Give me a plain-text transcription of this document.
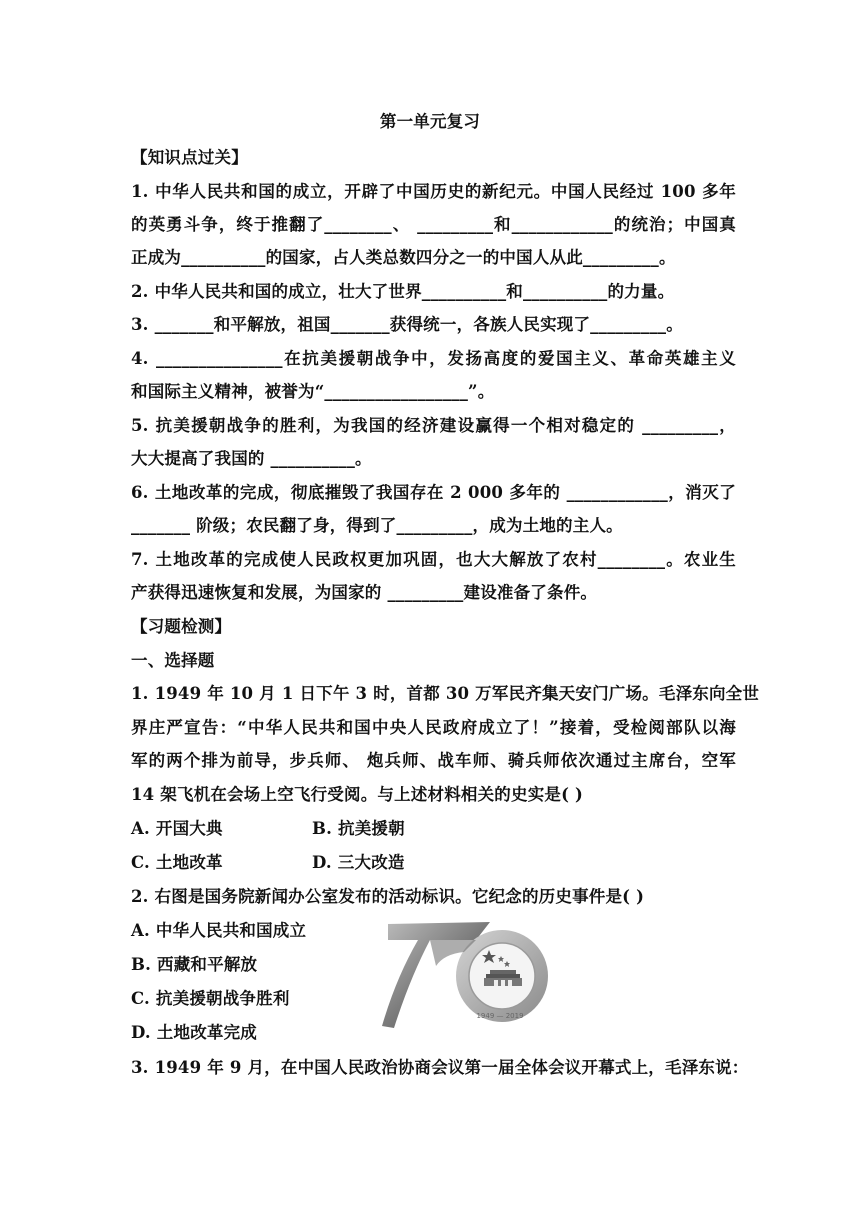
第一单元复习
【知识点过关】
1. 中华人民共和国的成立，开辟了中国历史的新纪元。中国人民经过 100 多年
的英勇斗争，终于推翻了________、 _________和____________的统治；中国真
正成为__________的国家，占人类总数四分之一的中国人从此_________。
2. 中华人民共和国的成立，壮大了世界__________和__________的力量。
3. _______和平解放，祖国_______获得统一，各族人民实现了_________。
4. _______________在抗美援朝战争中，发扬高度的爱国主义、革命英雄主义
和国际主义精神，被誉为“_________________”。
5. 抗美援朝战争的胜利，为我国的经济建设赢得一个相对稳定的 _________，
大大提高了我国的 __________。
6. 土地改革的完成，彻底摧毁了我国存在 2 000 多年的 ____________，消灭了
_______ 阶级；农民翻了身，得到了_________，成为土地的主人。
7. 土地改革的完成使人民政权更加巩固，也大大解放了农村________。农业生
产获得迅速恢复和发展，为国家的 _________建设准备了条件。
【习题检测】
一、选择题
1. 1949 年 10 月 1 日下午 3 时，首都 30 万军民齐集天安门广场。毛泽东向全世
界庄严宣告：“中华人民共和国中央人民政府成立了！”接着，受检阅部队以海
军的两个排为前导，步兵师、 炮兵师、战车师、骑兵师依次通过主席台，空军
14 架飞机在会场上空飞行受阅。与上述材料相关的史实是( )
A. 开国大典	B. 抗美援朝
C. 土地改革	D. 三大改造
2. 右图是国务院新闻办公室发布的活动标识。它纪念的历史事件是( )
A. 中华人民共和国成立
B. 西藏和平解放
C. 抗美援朝战争胜利
D. 土地改革完成
1949 — 2019
3. 1949 年 9 月，在中国人民政治协商会议第一届全体会议开幕式上，毛泽东说：
